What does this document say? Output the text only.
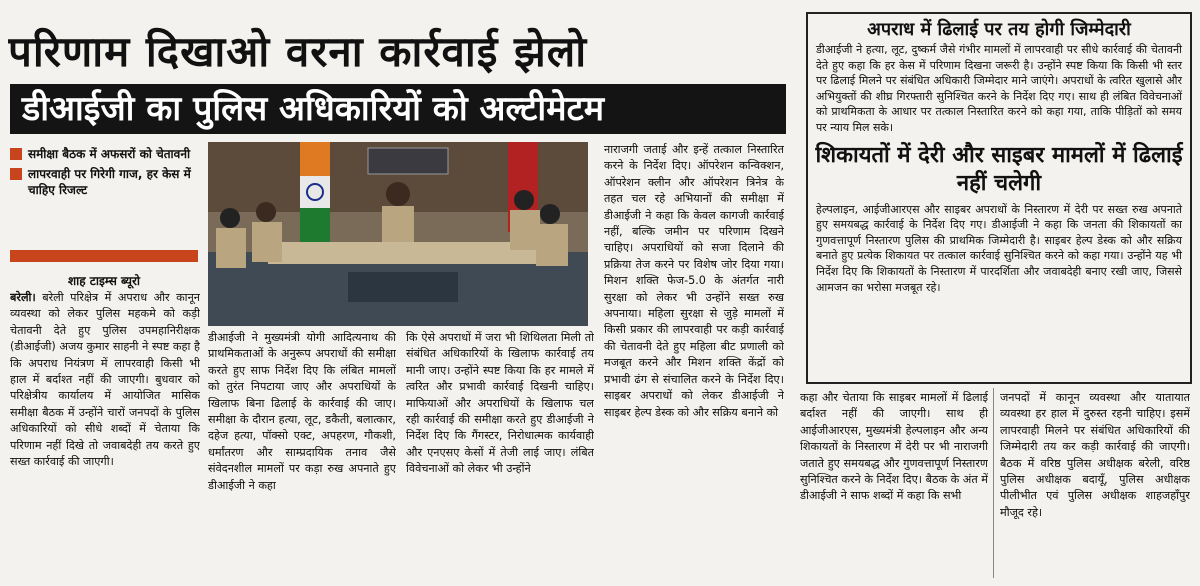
परिणाम दिखाओ वरना कार्रवाई झेलो
डीआईजी का पुलिस अधिकारियों को अल्टीमेटम
समीक्षा बैठक में अफसरों को चेतावनी
लापरवाही पर गिरेगी गाज, हर केस में चाहिए रिजल्ट
शाह टाइम्स ब्यूरो
बरेली। बरेली परिक्षेत्र में अपराध और कानून व्यवस्था को लेकर पुलिस महकमे को कड़ी चेतावनी देते हुए पुलिस उपमहानिरीक्षक (डीआईजी) अजय कुमार साहनी ने स्पष्ट कहा है कि अपराध नियंत्रण में लापरवाही किसी भी हाल में बर्दाश्त नहीं की जाएगी। बुधवार को परिक्षेत्रीय कार्यालय में आयोजित मासिक समीक्षा बैठक में उन्होंने चारों जनपदों के पुलिस अधिकारियों को सीधे शब्दों में चेताया कि परिणाम नहीं दिखे तो जवाबदेही तय करते हुए सख्त कार्रवाई की जाएगी।
डीआईजी ने मुख्यमंत्री योगी आदित्यनाथ की प्राथमिकताओं के अनुरूप अपराधों की समीक्षा करते हुए साफ निर्देश दिए कि लंबित मामलों को तुरंत निपटाया जाए और अपराधियों के खिलाफ बिना ढिलाई के कार्रवाई की जाए। समीक्षा के दौरान हत्या, लूट, डकैती, बलात्कार, दहेज हत्या, पॉक्सो एक्ट, अपहरण, गौकशी, धर्मांतरण और साम्प्रदायिक तनाव जैसे संवेदनशील मामलों पर कड़ा रुख अपनाते हुए डीआईजी ने कहा
कि ऐसे अपराधों में जरा भी शिथिलता मिली तो संबंधित अधिकारियों के खिलाफ कार्रवाई तय मानी जाए। उन्होंने स्पष्ट किया कि हर मामले में त्वरित और प्रभावी कार्रवाई दिखनी चाहिए। माफियाओं और अपराधियों के खिलाफ चल रही कार्रवाई की समीक्षा करते हुए डीआईजी ने निर्देश दिए कि गैंगस्टर, निरोधात्मक कार्यवाही और एनएसए केसों में तेजी लाई जाए। लंबित विवेचनाओं को लेकर भी उन्होंने
नाराजगी जताई और इन्हें तत्काल निस्तारित करने के निर्देश दिए। ऑपरेशन कन्विक्शन, ऑपरेशन क्लीन और ऑपरेशन त्रिनेत्र के तहत चल रहे अभियानों की समीक्षा में डीआईजी ने कहा कि केवल कागजी कार्रवाई नहीं, बल्कि जमीन पर परिणाम दिखने चाहिए। अपराधियों को सजा दिलाने की प्रक्रिया तेज करने पर विशेष जोर दिया गया। मिशन शक्ति फेज-5.0 के अंतर्गत नारी सुरक्षा को लेकर भी उन्होंने सख्त रुख अपनाया। महिला सुरक्षा से जुड़े मामलों में किसी प्रकार की लापरवाही पर कड़ी कार्रवाई की चेतावनी देते हुए महिला बीट प्रणाली को मजबूत करने और मिशन शक्ति केंद्रों को प्रभावी ढंग से संचालित करने के निर्देश दिए। साइबर अपराधों को लेकर डीआईजी ने साइबर हेल्प डेस्क को और सक्रिय बनाने को
अपराध में ढिलाई पर तय होगी जिम्मेदारी
डीआईजी ने हत्या, लूट, दुष्कर्म जैसे गंभीर मामलों में लापरवाही पर सीधे कार्रवाई की चेतावनी देते हुए कहा कि हर केस में परिणाम दिखना जरूरी है। उन्होंने स्पष्ट किया कि किसी भी स्तर पर ढिलाई मिलने पर संबंधित अधिकारी जिम्मेदार माने जाएंगे। अपराधों के त्वरित खुलासे और अभियुक्तों की शीघ्र गिरफ्तारी सुनिश्चित करने के निर्देश दिए गए। साथ ही लंबित विवेचनाओं को प्राथमिकता के आधार पर तत्काल निस्तारित करने को कहा गया, ताकि पीड़ितों को समय पर न्याय मिल सके।
शिकायतों में देरी और साइबर मामलों में ढिलाई नहीं चलेगी
हेल्पलाइन, आईजीआरएस और साइबर अपराधों के निस्तारण में देरी पर सख्त रुख अपनाते हुए समयबद्ध कार्रवाई के निर्देश दिए गए। डीआईजी ने कहा कि जनता की शिकायतों का गुणवत्तापूर्ण निस्तारण पुलिस की प्राथमिक जिम्मेदारी है। साइबर हेल्प डेस्क को और सक्रिय बनाते हुए प्रत्येक शिकायत पर तत्काल कार्रवाई सुनिश्चित करने को कहा गया। उन्होंने यह भी निर्देश दिए कि शिकायतों के निस्तारण में पारदर्शिता और जवाबदेही बनाए रखी जाए, जिससे आमजन का भरोसा मजबूत रहे।
कहा और चेताया कि साइबर मामलों में ढिलाई बर्दाश्त नहीं की जाएगी। साथ ही आईजीआरएस, मुख्यमंत्री हेल्पलाइन और अन्य शिकायतों के निस्तारण में देरी पर भी नाराजगी जताते हुए समयबद्ध और गुणवत्तापूर्ण निस्तारण सुनिश्चित करने के निर्देश दिए। बैठक के अंत में डीआईजी ने साफ शब्दों में कहा कि सभी
जनपदों में कानून व्यवस्था और यातायात व्यवस्था हर हाल में दुरुस्त रहनी चाहिए। इसमें लापरवाही मिलने पर संबंधित अधिकारियों की जिम्मेदारी तय कर कड़ी कार्रवाई की जाएगी। बैठक में वरिष्ठ पुलिस अधीक्षक बरेली, वरिष्ठ पुलिस अधीक्षक बदायूँ, पुलिस अधीक्षक पीलीभीत एवं पुलिस अधीक्षक शाहजहाँपुर मौजूद रहे।
